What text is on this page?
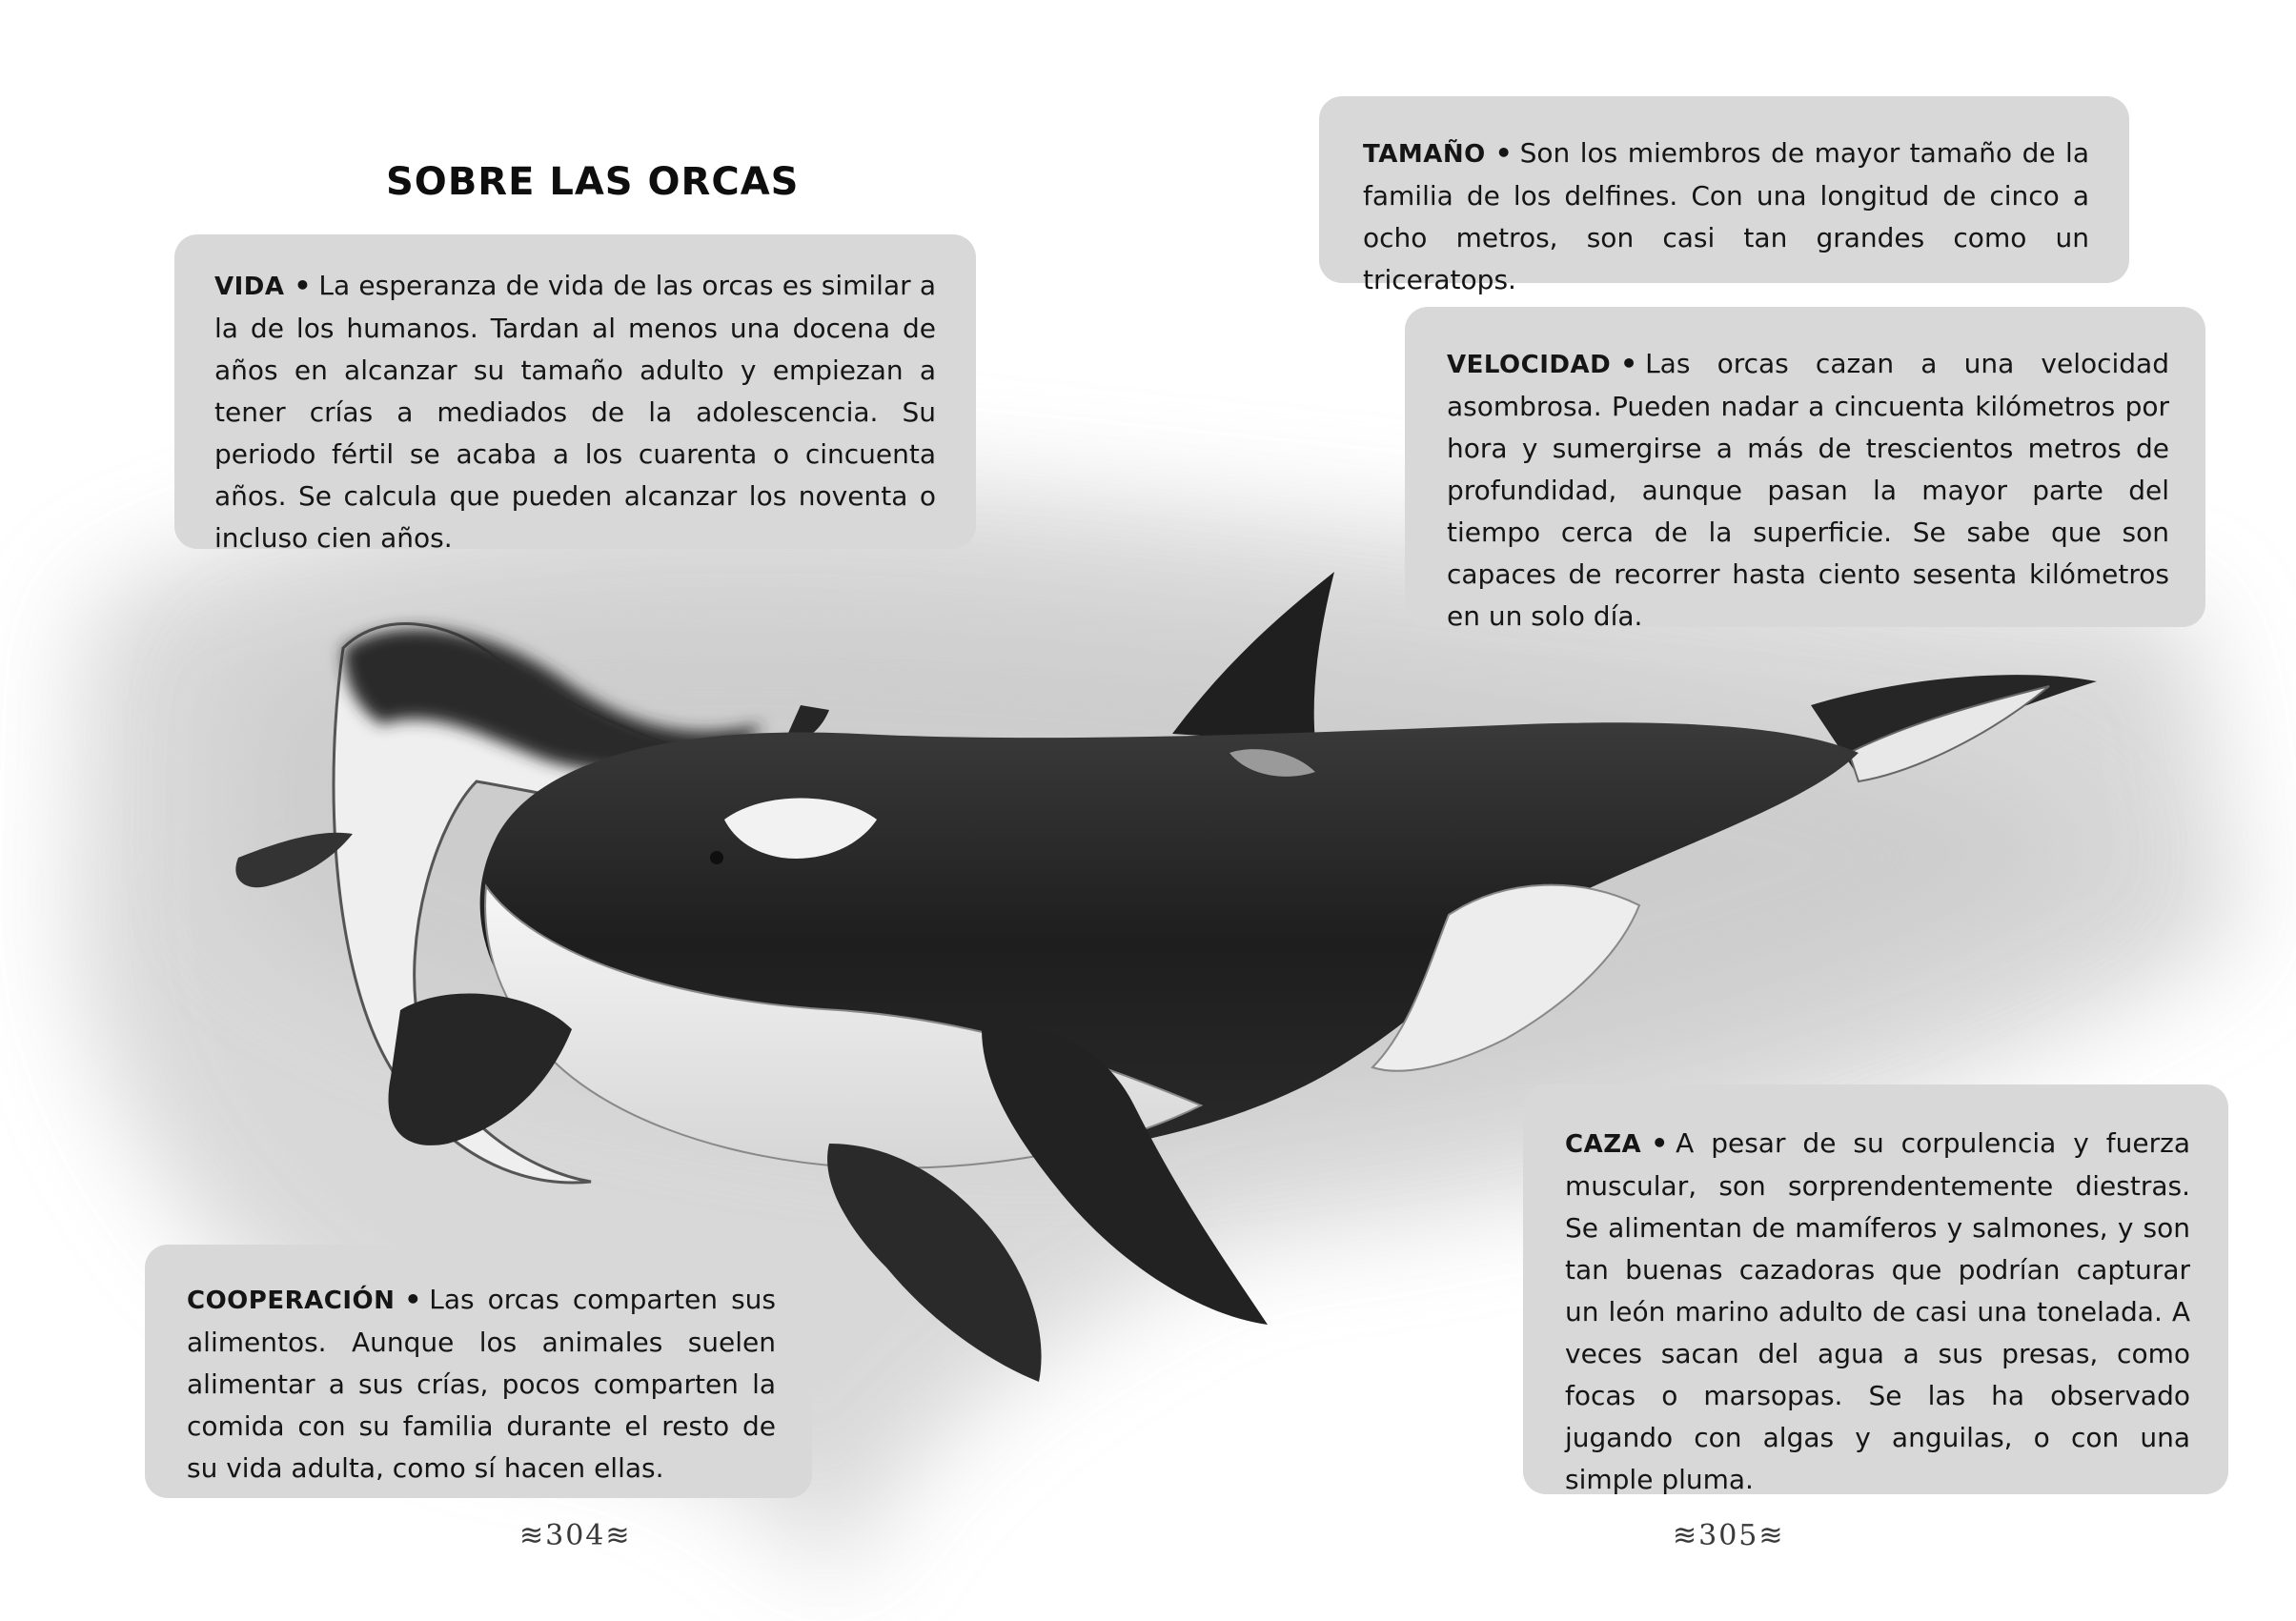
SOBRE LAS ORCAS
VIDA • La esperanza de vida de las orcas es similar a la de los humanos. Tardan al menos una docena de años en alcanzar su tamaño adulto y empiezan a tener crías a mediados de la adolescencia. Su periodo fértil se acaba a los cuarenta o cincuenta años. Se calcula que pueden alcanzar los noventa o incluso cien años.
TAMAÑO • Son los miembros de mayor tamaño de la familia de los delfines. Con una longitud de cinco a ocho metros, son casi tan grandes como un triceratops.
VELOCIDAD • Las orcas cazan a una velocidad asombrosa. Pueden nadar a cincuenta kilómetros por hora y sumergirse a más de trescientos metros de profundidad, aunque pasan la mayor parte del tiempo cerca de la superficie. Se sabe que son capaces de recorrer hasta ciento sesenta kilómetros en un solo día.
COOPERACIÓN • Las orcas comparten sus alimentos. Aunque los animales suelen alimentar a sus crías, pocos comparten la comida con su familia durante el resto de su vida adulta, como sí hacen ellas.
CAZA • A pesar de su corpulencia y fuerza muscular, son sorprendentemente diestras. Se alimentan de mamíferos y salmones, y son tan buenas cazadoras que podrían capturar un león marino adulto de casi una tonelada. A veces sacan del agua a sus presas, como focas o marsopas. Se las ha observado jugando con algas y anguilas, o con una simple pluma.
≋304≋	≋305≋
